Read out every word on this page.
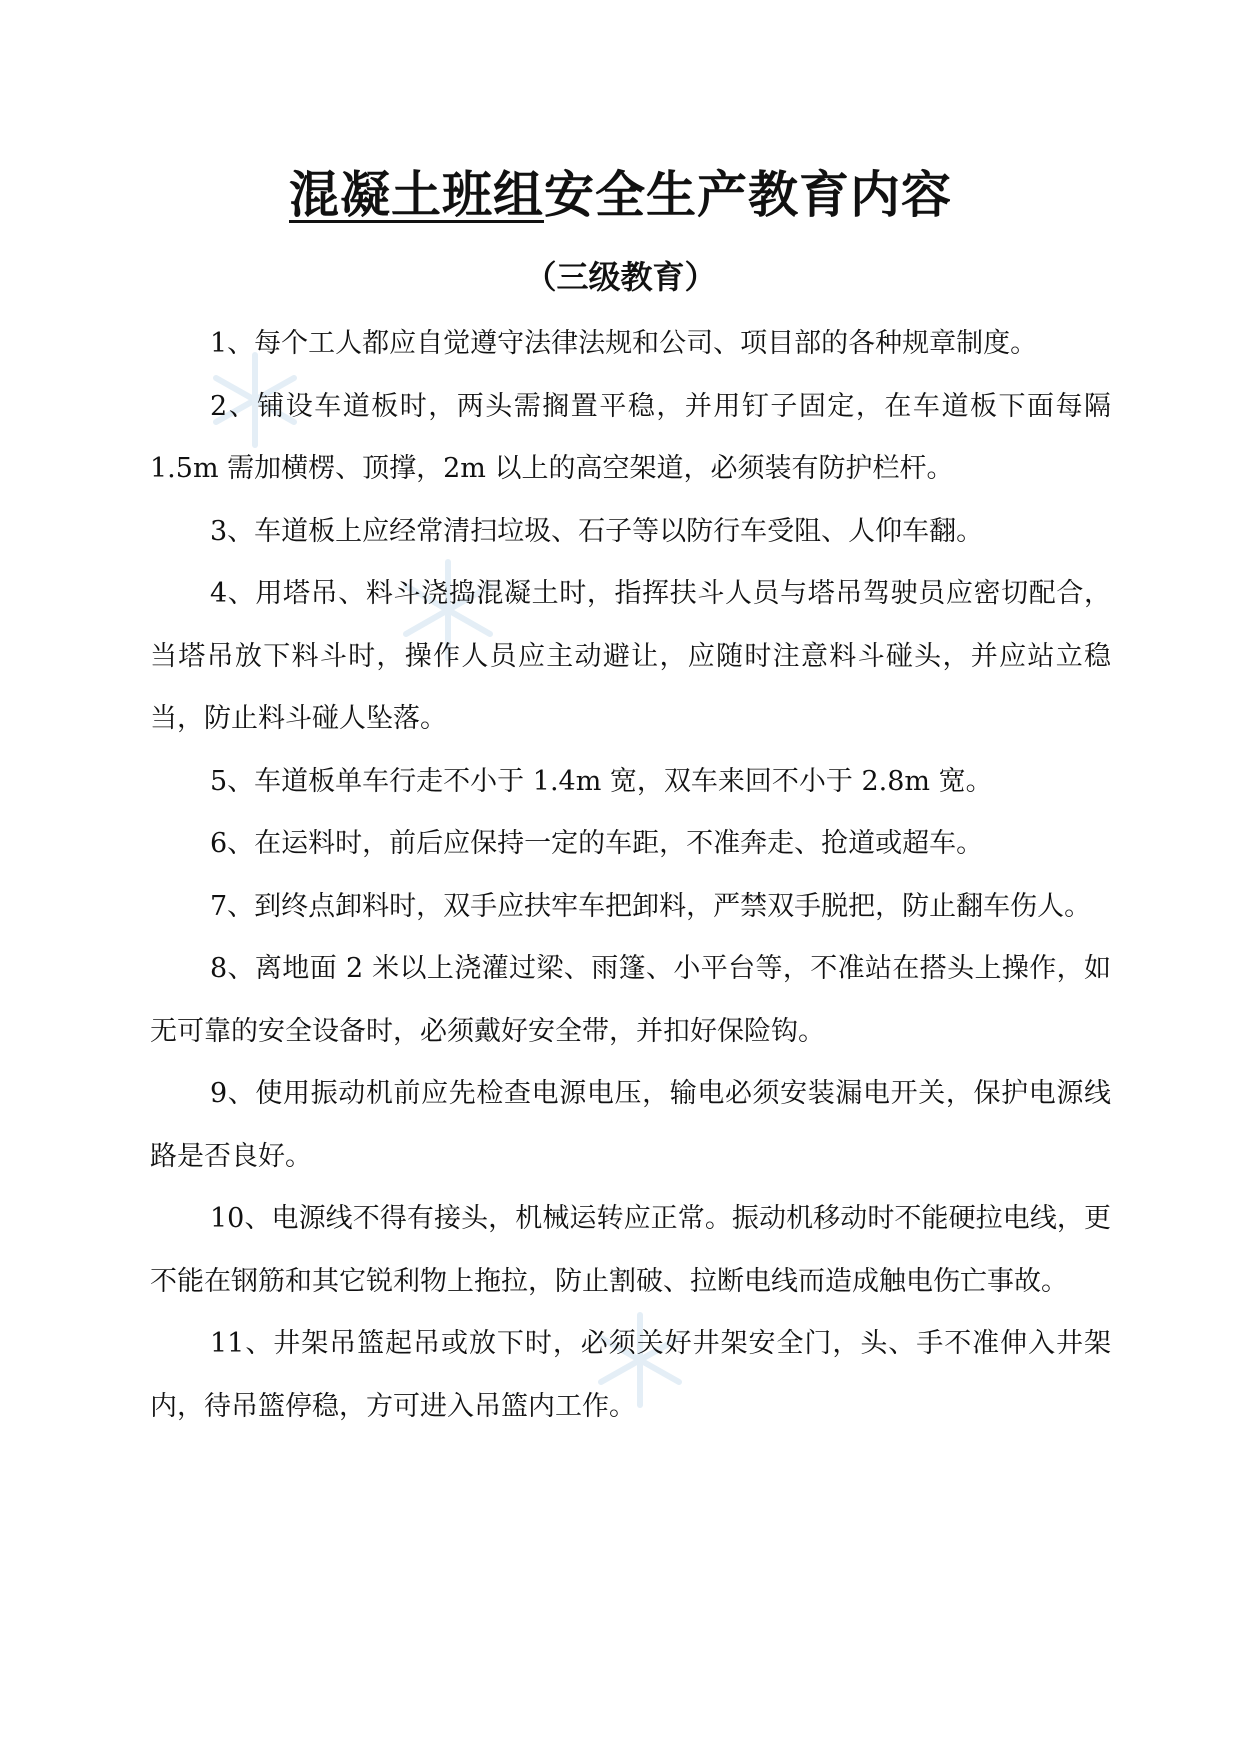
混凝土班组安全生产教育内容
（三级教育）

1、每个工人都应自觉遵守法律法规和公司、项目部的各种规章制度。

2、铺设车道板时，两头需搁置平稳，并用钉子固定，在车道板下面每隔 1.5m 需加横楞、顶撑，2m 以上的高空架道，必须装有防护栏杆。

3、车道板上应经常清扫垃圾、石子等以防行车受阻、人仰车翻。

4、用塔吊、料斗浇捣混凝土时，指挥扶斗人员与塔吊驾驶员应密切配合，当塔吊放下料斗时，操作人员应主动避让，应随时注意料斗碰头，并应站立稳当，防止料斗碰人坠落。

5、车道板单车行走不小于 1.4m 宽，双车来回不小于 2.8m 宽。

6、在运料时，前后应保持一定的车距，不准奔走、抢道或超车。

7、到终点卸料时，双手应扶牢车把卸料，严禁双手脱把，防止翻车伤人。

8、离地面 2 米以上浇灌过梁、雨篷、小平台等，不准站在搭头上操作，如无可靠的安全设备时，必须戴好安全带，并扣好保险钩。

9、使用振动机前应先检查电源电压，输电必须安装漏电开关，保护电源线路是否良好。

10、电源线不得有接头，机械运转应正常。振动机移动时不能硬拉电线，更不能在钢筋和其它锐利物上拖拉，防止割破、拉断电线而造成触电伤亡事故。

11、井架吊篮起吊或放下时，必须关好井架安全门，头、手不准伸入井架内，待吊篮停稳，方可进入吊篮内工作。
